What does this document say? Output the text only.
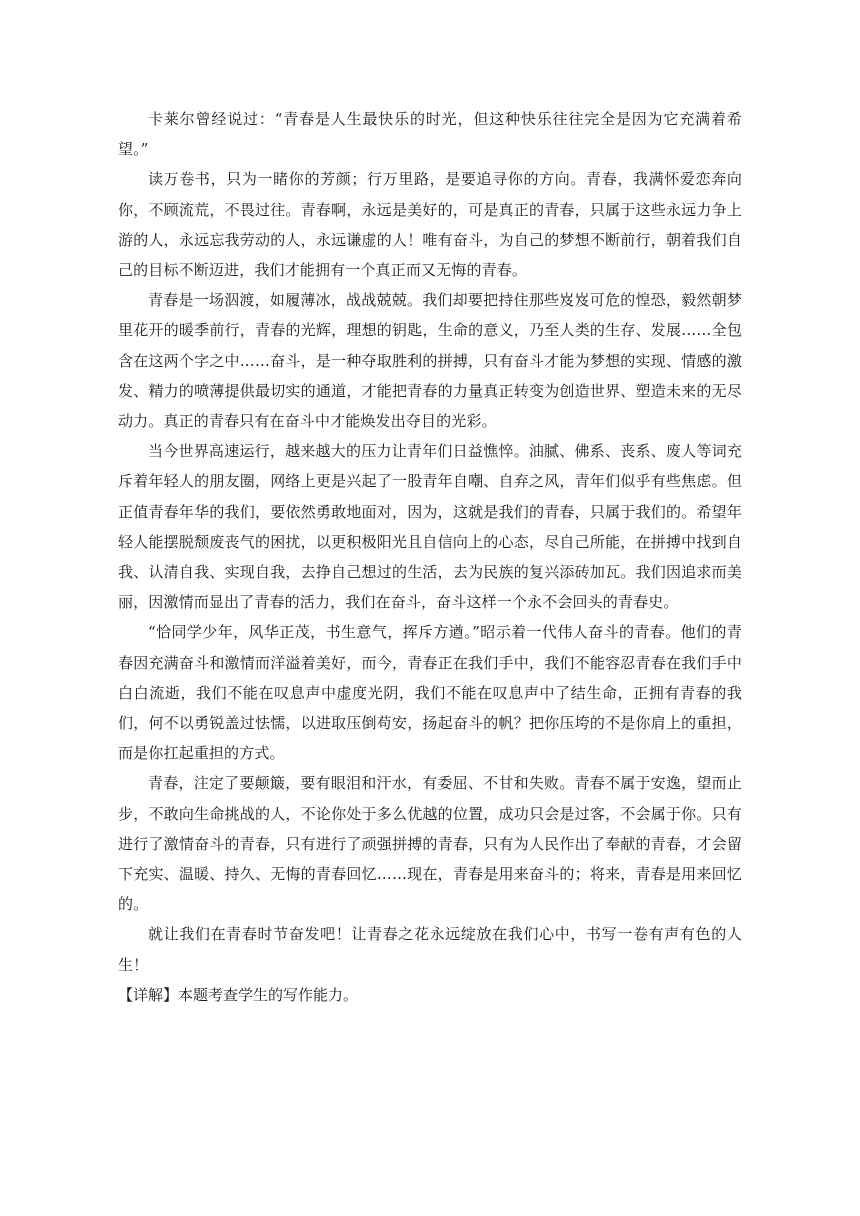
卡莱尔曾经说过：“青春是人生最快乐的时光，但这种快乐往往完全是因为它充满着希望。”

读万卷书，只为一睹你的芳颜；行万里路，是要追寻你的方向。青春，我满怀爱恋奔向你，不顾流荒，不畏过往。青春啊，永远是美好的，可是真正的青春，只属于这些永远力争上游的人，永远忘我劳动的人，永远谦虚的人！唯有奋斗，为自己的梦想不断前行，朝着我们自己的目标不断迈进，我们才能拥有一个真正而又无悔的青春。

青春是一场泅渡，如履薄冰，战战兢兢。我们却要把持住那些岌岌可危的惶恐，毅然朝梦里花开的暖季前行，青春的光辉，理想的钥匙，生命的意义，乃至人类的生存、发展……全包含在这两个字之中……奋斗，是一种夺取胜利的拼搏，只有奋斗才能为梦想的实现、情感的激发、精力的喷薄提供最切实的通道，才能把青春的力量真正转变为创造世界、塑造未来的无尽动力。真正的青春只有在奋斗中才能焕发出夺目的光彩。

当今世界高速运行，越来越大的压力让青年们日益憔悴。油腻、佛系、丧系、废人等词充斥着年轻人的朋友圈，网络上更是兴起了一股青年自嘲、自弃之风，青年们似乎有些焦虑。但正值青春年华的我们，要依然勇敢地面对，因为，这就是我们的青春，只属于我们的。希望年轻人能摆脱颓废丧气的困扰，以更积极阳光且自信向上的心态，尽自己所能，在拼搏中找到自我、认清自我、实现自我，去挣自己想过的生活，去为民族的复兴添砖加瓦。我们因追求而美丽，因激情而显出了青春的活力，我们在奋斗，奋斗这样一个永不会回头的青春史。

“恰同学少年，风华正茂，书生意气，挥斥方遒。”昭示着一代伟人奋斗的青春。他们的青春因充满奋斗和激情而洋溢着美好，而今，青春正在我们手中，我们不能容忍青春在我们手中白白流逝，我们不能在叹息声中虚度光阴，我们不能在叹息声中了结生命，正拥有青春的我们，何不以勇锐盖过怯懦，以进取压倒苟安，扬起奋斗的帆？把你压垮的不是你肩上的重担，而是你扛起重担的方式。

青春，注定了要颠簸，要有眼泪和汗水，有委屈、不甘和失败。青春不属于安逸，望而止步，不敢向生命挑战的人，不论你处于多么优越的位置，成功只会是过客，不会属于你。只有进行了激情奋斗的青春，只有进行了顽强拼搏的青春，只有为人民作出了奉献的青春，才会留下充实、温暖、持久、无悔的青春回忆……现在，青春是用来奋斗的；将来，青春是用来回忆的。

就让我们在青春时节奋发吧！让青春之花永远绽放在我们心中，书写一卷有声有色的人生！

【详解】本题考查学生的写作能力。
